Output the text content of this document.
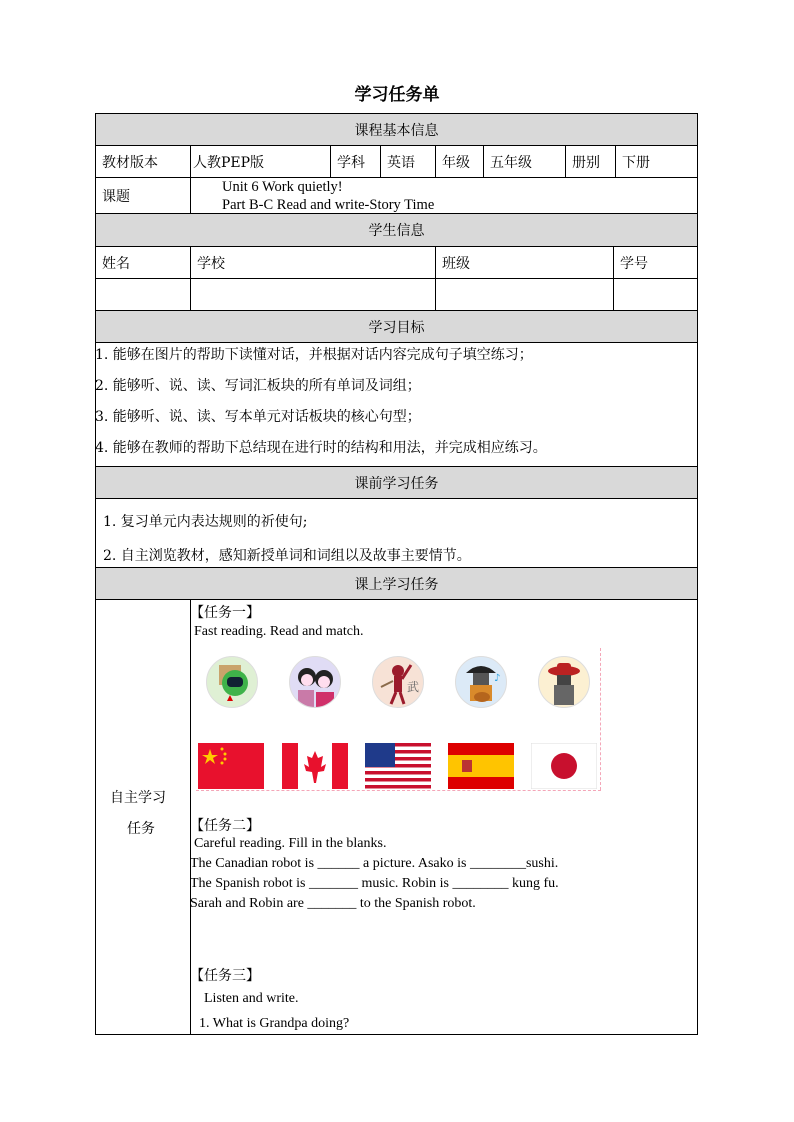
学习任务单
课程基本信息
教材版本	人教PEP版	学科	英语	年级	五年级	册别	下册
课题
Unit 6 Work quietly!
Part B-C Read and write-Story Time
学生信息
姓名	学校	班级	学号
学习目标
1. 能够在图片的帮助下读懂对话，并根据对话内容完成句子填空练习；
2. 能够听、说、读、写词汇板块的所有单词及词组；
3. 能够听、说、读、写本单元对话板块的核心句型；
4. 能够在教师的帮助下总结现在进行时的结构和用法，并完成相应练习。
课前学习任务
1. 复习单元内表达规则的祈使句;
2. 自主浏览教材，感知新授单词和词组以及故事主要情节。
课上学习任务
自主学习
任务
【任务一】
Fast reading. Read and match.
武
♪
【任务二】
Careful reading. Fill in the blanks.
The Canadian robot is ______ a picture. Asako is ________sushi.
The Spanish robot is _______ music. Robin is ________ kung fu.
Sarah and Robin are _______ to the Spanish robot.
【任务三】
Listen and write.
1. What is Grandpa doing?
